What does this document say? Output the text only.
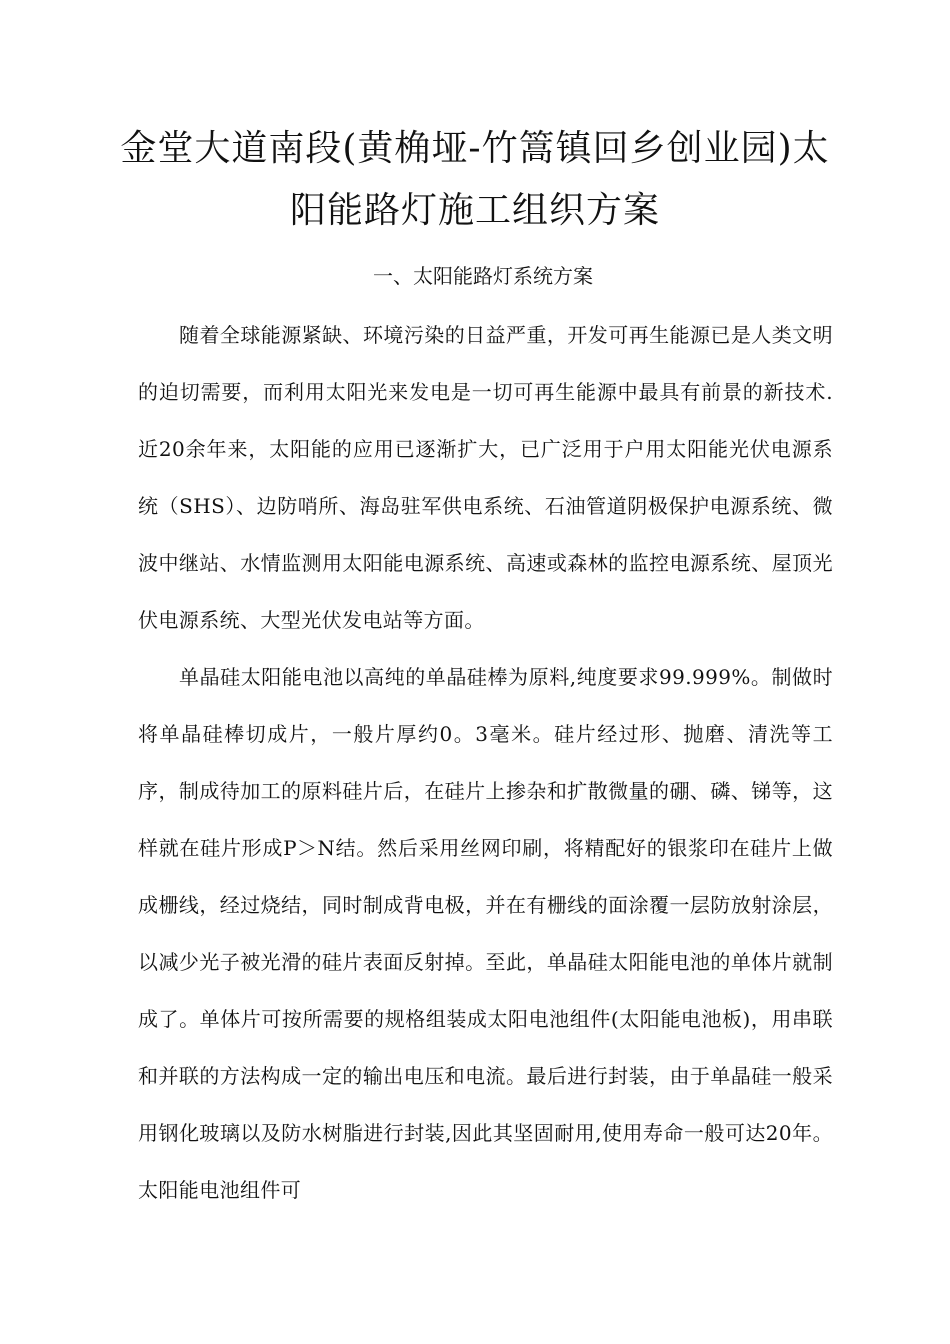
金堂大道南段(黄桷垭-竹篙镇回乡创业园)太阳能路灯施工组织方案
一、太阳能路灯系统方案

随着全球能源紧缺、环境污染的日益严重，开发可再生能源已是人类文明的迫切需要，而利用太阳光来发电是一切可再生能源中最具有前景的新技术.近20余年来，太阳能的应用已逐渐扩大，已广泛用于户用太阳能光伏电源系统（SHS）、边防哨所、海岛驻军供电系统、石油管道阴极保护电源系统、微波中继站、水情监测用太阳能电源系统、高速或森林的监控电源系统、屋顶光伏电源系统、大型光伏发电站等方面。

单晶硅太阳能电池以高纯的单晶硅棒为原料,纯度要求99.999%。制做时将单晶硅棒切成片，一般片厚约0。3毫米。硅片经过形、抛磨、清洗等工序，制成待加工的原料硅片后，在硅片上掺杂和扩散微量的硼、磷、锑等，这样就在硅片形成P＞N结。然后采用丝网印刷，将精配好的银浆印在硅片上做成栅线，经过烧结，同时制成背电极，并在有栅线的面涂覆一层防放射涂层，以减少光子被光滑的硅片表面反射掉。至此，单晶硅太阳能电池的单体片就制成了。单体片可按所需要的规格组装成太阳电池组件(太阳能电池板)，用串联和并联的方法构成一定的输出电压和电流。最后进行封装，由于单晶硅一般采用钢化玻璃以及防水树脂进行封装,因此其坚固耐用,使用寿命一般可达20年。太阳能电池组件可
